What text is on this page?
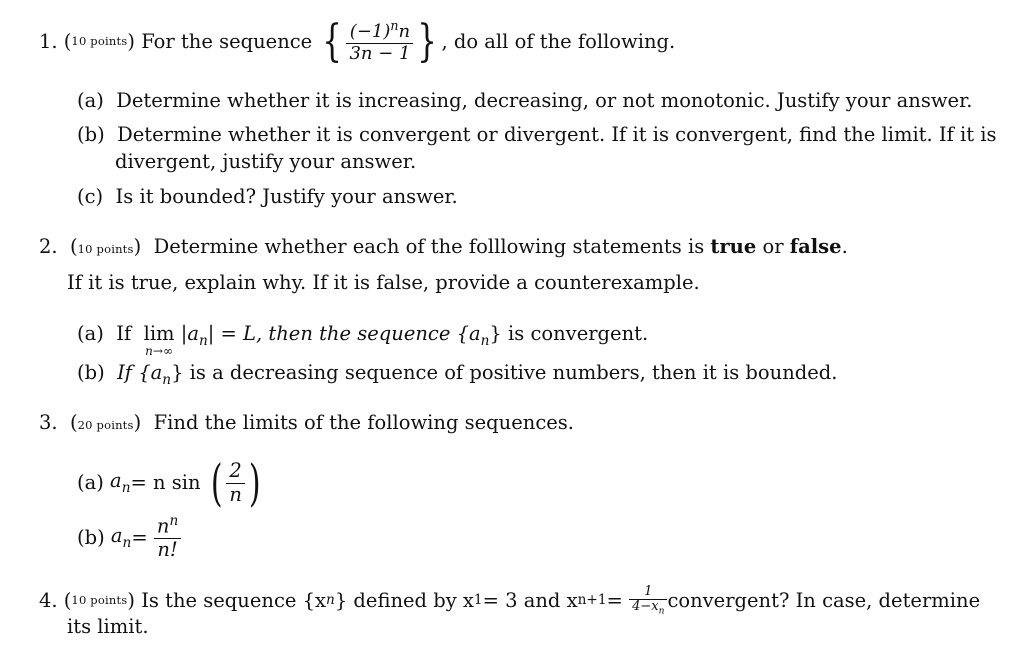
1. ( 10 points ) For the sequence
{ $\frac{(-1)^nn}{3n - 1}$ } , do all of the following.
(a) Determine whether it is increasing, decreasing, or not monotonic. Justify your answer.
(b) Determine whether it is convergent or divergent. If it is convergent, find the limit. If it is
divergent, justify your answer.
(c) Is it bounded? Justify your answer.
2.  (10 points)  Determine whether each of the folllowing statements is true or false.
If it is true, explain why. If it is false, provide a counterexample.
(a) If lim
n→∞
$|a_n| = L$, then the sequence $\{a_n\}$ is convergent.
(b) If $\{a_n\}$ is a decreasing sequence of positive numbers, then it is bounded.
3.  (20 points)  Find the limits of the following sequences.
(a)
$a_n = n$ sin
( $\frac{2}{n}$ )
(b)
$a_n$ =
$\frac{n^n}{n!}$
4. ( 10 points ) Is the sequence {x n } defined by x 1 = 3 and x n+1 =
$\frac{1}{4-x_n}$ convergent? In case, determine
its limit.
